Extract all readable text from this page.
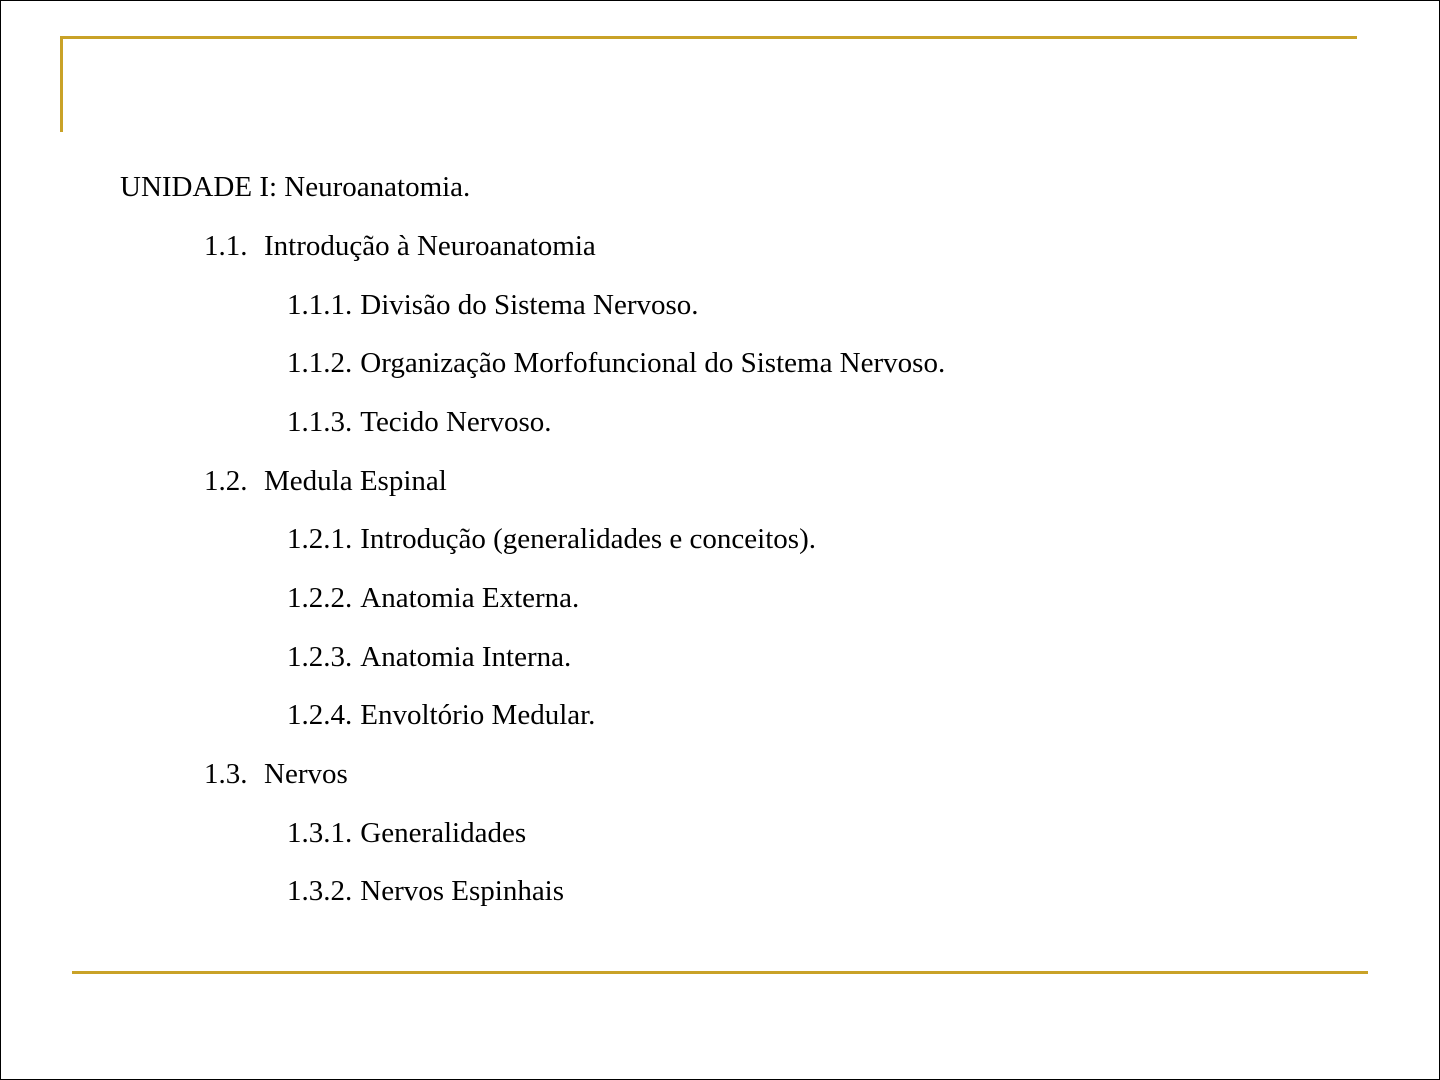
UNIDADE I: Neuroanatomia.
1.1. Introdução à Neuroanatomia
1.1.1. Divisão do Sistema Nervoso.
1.1.2. Organização Morfofuncional do Sistema Nervoso.
1.1.3. Tecido Nervoso.
1.2. Medula Espinal
1.2.1. Introdução (generalidades e conceitos).
1.2.2. Anatomia Externa.
1.2.3. Anatomia Interna.
1.2.4. Envoltório Medular.
1.3. Nervos
1.3.1. Generalidades
1.3.2. Nervos Espinhais
